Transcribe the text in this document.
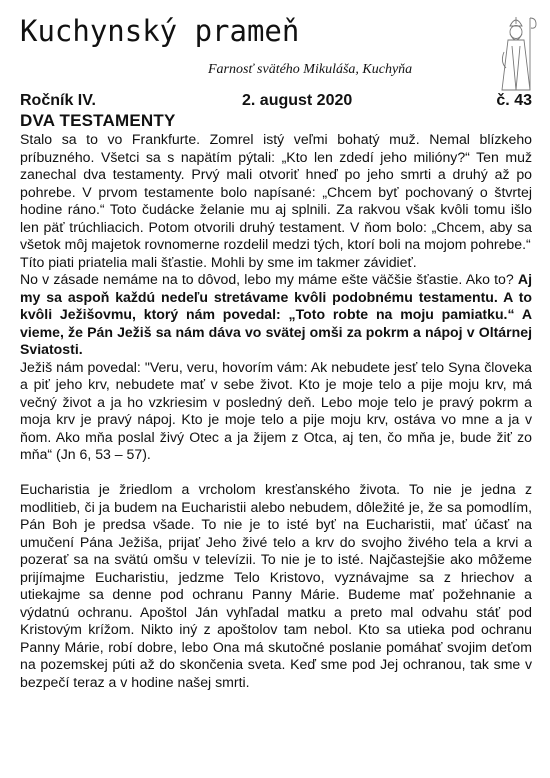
Kuchynský prameň
Farnosť svätého Mikuláša, Kuchyňa
Ročník IV.	2. august 2020	č. 43
DVA TESTAMENTY

Stalo sa to vo Frankfurte. Zomrel istý veľmi bohatý muž. Nemal blízkeho príbuzného. Všetci sa s napätím pýtali: „Kto len zdedí jeho milióny?“ Ten muž zanechal dva testamenty. Prvý mali otvoriť hneď po jeho smrti a druhý až po pohrebe. V prvom testamente bolo napísané: „Chcem byť pochovaný o štvrtej hodine ráno.“ Toto čudácke želanie mu aj splnili. Za rakvou však kvôli tomu išlo len päť trúchliacich. Potom otvorili druhý testament. V ňom bolo: „Chcem, aby sa všetok môj majetok rovnomerne rozdelil medzi tých, ktorí boli na mojom pohrebe.“

Títo piati priatelia mali šťastie. Mohli by sme im takmer závidieť.

No v zásade nemáme na to dôvod, lebo my máme ešte väčšie šťastie. Ako to? Aj my sa aspoň každú nedeľu stretávame kvôli podobnému testamentu. A to kvôli Ježišovmu, ktorý nám povedal: „Toto robte na moju pamiatku.“ A vieme, že Pán Ježiš sa nám dáva vo svätej omši za pokrm a nápoj v Oltárnej Sviatosti.

Ježiš nám povedal: "Veru, veru, hovorím vám: Ak nebudete jesť telo Syna človeka a piť jeho krv, nebudete mať v sebe život. Kto je moje telo a pije moju krv, má večný život a ja ho vzkriesim v posledný deň. Lebo moje telo je pravý pokrm a moja krv je pravý nápoj. Kto je moje telo a pije moju krv, ostáva vo mne a ja v ňom. Ako mňa poslal živý Otec a ja žijem z Otca, aj ten, čo mňa je, bude žiť zo mňa“ (Jn 6, 53 – 57).

Eucharistia je žriedlom a vrcholom kresťanského života. To nie je jedna z modlitieb, či ja budem na Eucharistii alebo nebudem, dôležité je, že sa pomodlím, Pán Boh je predsa všade. To nie je to isté byť na Eucharistii, mať účasť na umučení Pána Ježiša, prijať Jeho živé telo a krv do svojho živého tela a krvi a pozerať sa na svätú omšu v televízii. To nie je to isté. Najčastejšie ako môžeme prijímajme Eucharistiu, jedzme Telo Kristovo, vyznávajme sa z hriechov a utiekajme sa denne pod ochranu Panny Márie. Budeme mať požehnanie a výdatnú ochranu. Apoštol Ján vyhľadal matku a preto mal odvahu stáť pod Kristovým krížom. Nikto iný z apoštolov tam nebol. Kto sa utieka pod ochranu Panny Márie, robí dobre, lebo Ona má skutočné poslanie pomáhať svojim deťom na pozemskej púti až do skončenia sveta. Keď sme pod Jej ochranou, tak sme v bezpečí teraz a v hodine našej smrti.
